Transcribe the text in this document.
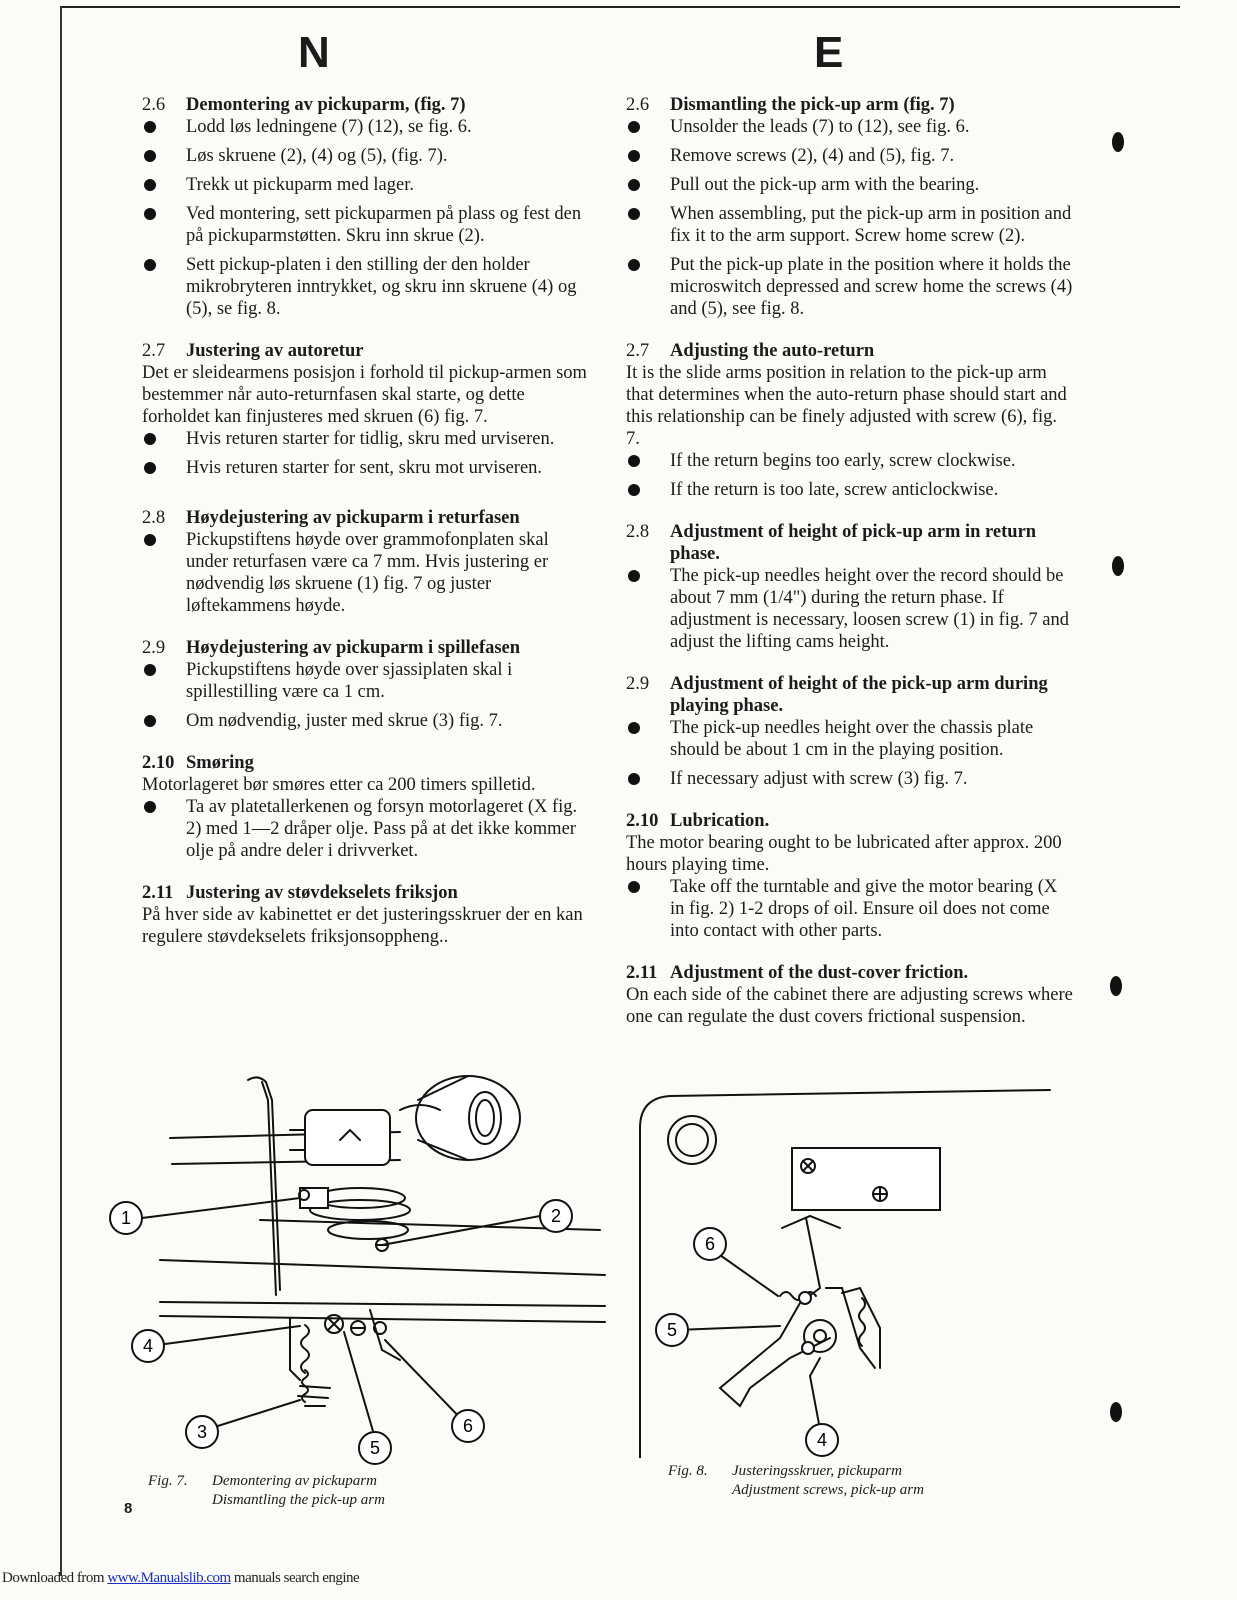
N	E
2.6	Demontering av pickuparm, (fig. 7)
Lodd løs ledningene (7) (12), se fig. 6.
Løs skruene (2), (4) og (5), (fig. 7).
Trekk ut pickuparm med lager.
Ved montering, sett pickuparmen på plass og fest den på pickuparmstøtten. Skru inn skrue (2).
Sett pickup-platen i den stilling der den holder mikrobryteren inntrykket, og skru inn skruene (4) og (5), se fig. 8.
2.7	Justering av autoretur

Det er sleidearmens posisjon i forhold til pickup-armen som bestemmer når auto-returnfasen skal starte, og dette forholdet kan finjusteres med skruen (6) fig. 7.

Hvis returen starter for tidlig, skru med urviseren.
Hvis returen starter for sent, skru mot urviseren.
2.8	Høydejustering av pickuparm i returfasen
Pickupstiftens høyde over grammofonplaten skal under returfasen være ca 7 mm. Hvis justering er nødvendig løs skruene (1) fig. 7 og juster løftekammens høyde.
2.9	Høydejustering av pickuparm i spillefasen
Pickupstiftens høyde over sjassiplaten skal i spillestilling være ca 1 cm.
Om nødvendig, juster med skrue (3) fig. 7.
2.10 Smøring

Motorlageret bør smøres etter ca 200 timers spilletid.

Ta av platetallerkenen og forsyn motorlageret (X fig. 2) med 1—2 dråper olje. Pass på at det ikke kommer olje på andre deler i drivverket.
2.11 Justering av støvdekselets friksjon

På hver side av kabinettet er det justeringsskruer der en kan regulere støvdekselets friksjonsoppheng..

2.6	Dismantling the pick-up arm (fig. 7)
Unsolder the leads (7) to (12), see fig. 6.
Remove screws (2), (4) and (5), fig. 7.
Pull out the pick-up arm with the bearing.
When assembling, put the pick-up arm in position and fix it to the arm support. Screw home screw (2).
Put the pick-up plate in the position where it holds the microswitch depressed and screw home the screws (4) and (5), see fig. 8.
2.7	Adjusting the auto-return

It is the slide arms position in relation to the pick-up arm that determines when the auto-return phase should start and this relationship can be finely adjusted with screw (6), fig. 7.

If the return begins too early, screw clockwise.
If the return is too late, screw anticlockwise.
2.8	Adjustment of height of pick-up arm in return phase.
The pick-up needles height over the record should be about 7 mm (1/4") during the return phase. If adjustment is necessary, loosen screw (1) in fig. 7 and adjust the lifting cams height.
2.9	Adjustment of height of the pick-up arm during playing phase.
The pick-up needles height over the chassis plate should be about 1 cm in the playing position.
If necessary adjust with screw (3) fig. 7.
2.10 Lubrication.

The motor bearing ought to be lubricated after approx. 200 hours playing time.

Take off the turntable and give the motor bearing (X in fig. 2) 1-2 drops of oil. Ensure oil does not come into contact with other parts.
2.11 Adjustment of the dust-cover friction.

On each side of the cabinet there are adjusting screws where one can regulate the dust covers frictional suspension.

1	2
3
4
5
6
6
5
4
Fig. 7. Demontering av pickuparm
Dismantling the pick-up arm
Fig. 8. Justeringsskruer, pickuparm
Adjustment screws, pick-up arm
8
Downloaded from www.Manualslib.com manuals search engine
